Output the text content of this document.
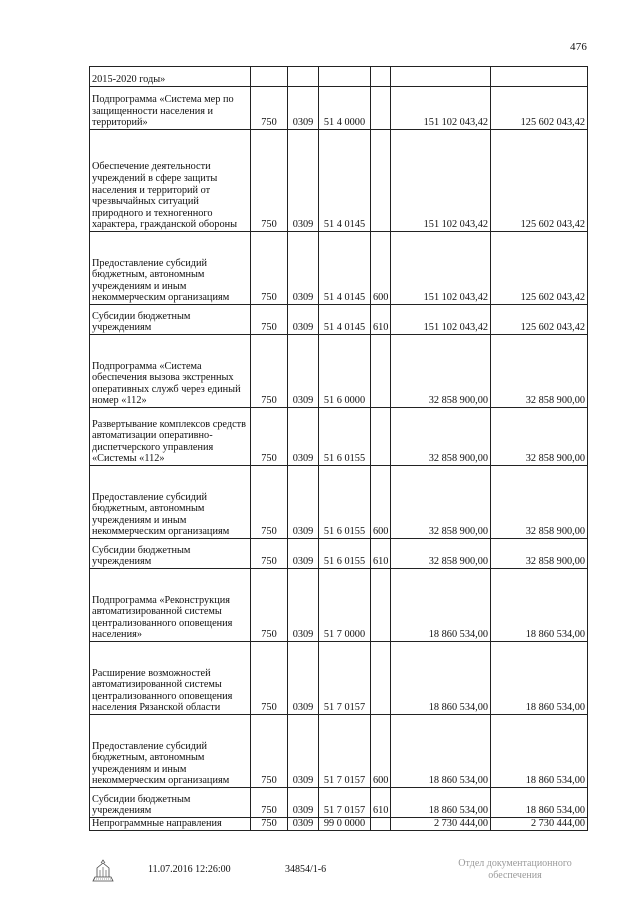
476
2015-2020 годы»						
Подпрограмма «Система мер по защищенности населения и территорий»	750	0309	51 4 0000		151 102 043,42	125 602 043,42
Обеспечение деятельности учреждений в сфере защиты населения и территорий от чрезвычайных ситуаций природного и техногенного характера, гражданской обороны	750	0309	51 4 0145		151 102 043,42	125 602 043,42
Предоставление субсидий бюджетным, автономным учреждениям и иным некоммерческим организациям	750	0309	51 4 0145	600	151 102 043,42	125 602 043,42
Субсидии бюджетным учреждениям	750	0309	51 4 0145	610	151 102 043,42	125 602 043,42
Подпрограмма «Система обеспечения вызова экстренных оперативных служб через единый номер «112»	750	0309	51 6 0000		32 858 900,00	32 858 900,00
Развертывание комплексов средств автоматизации оперативно-диспетчерского управления «Системы «112»	750	0309	51 6 0155		32 858 900,00	32 858 900,00
Предоставление субсидий бюджетным, автономным учреждениям и иным некоммерческим организациям	750	0309	51 6 0155	600	32 858 900,00	32 858 900,00
Субсидии бюджетным учреждениям	750	0309	51 6 0155	610	32 858 900,00	32 858 900,00
Подпрограмма «Реконструкция автоматизированной системы централизованного оповещения населения»	750	0309	51 7 0000		18 860 534,00	18 860 534,00
Расширение возможностей автоматизированной системы централизованного оповещения населения Рязанской области	750	0309	51 7 0157		18 860 534,00	18 860 534,00
Предоставление субсидий бюджетным, автономным учреждениям и иным некоммерческим организациям	750	0309	51 7 0157	600	18 860 534,00	18 860 534,00
Субсидии бюджетным учреждениям	750	0309	51 7 0157	610	18 860 534,00	18 860 534,00
Непрограммные направления	750	0309	99 0 0000		2 730 444,00	2 730 444,00
11.07.2016 12:26:00	34854/1-6
Отдел документационного обеспечения
